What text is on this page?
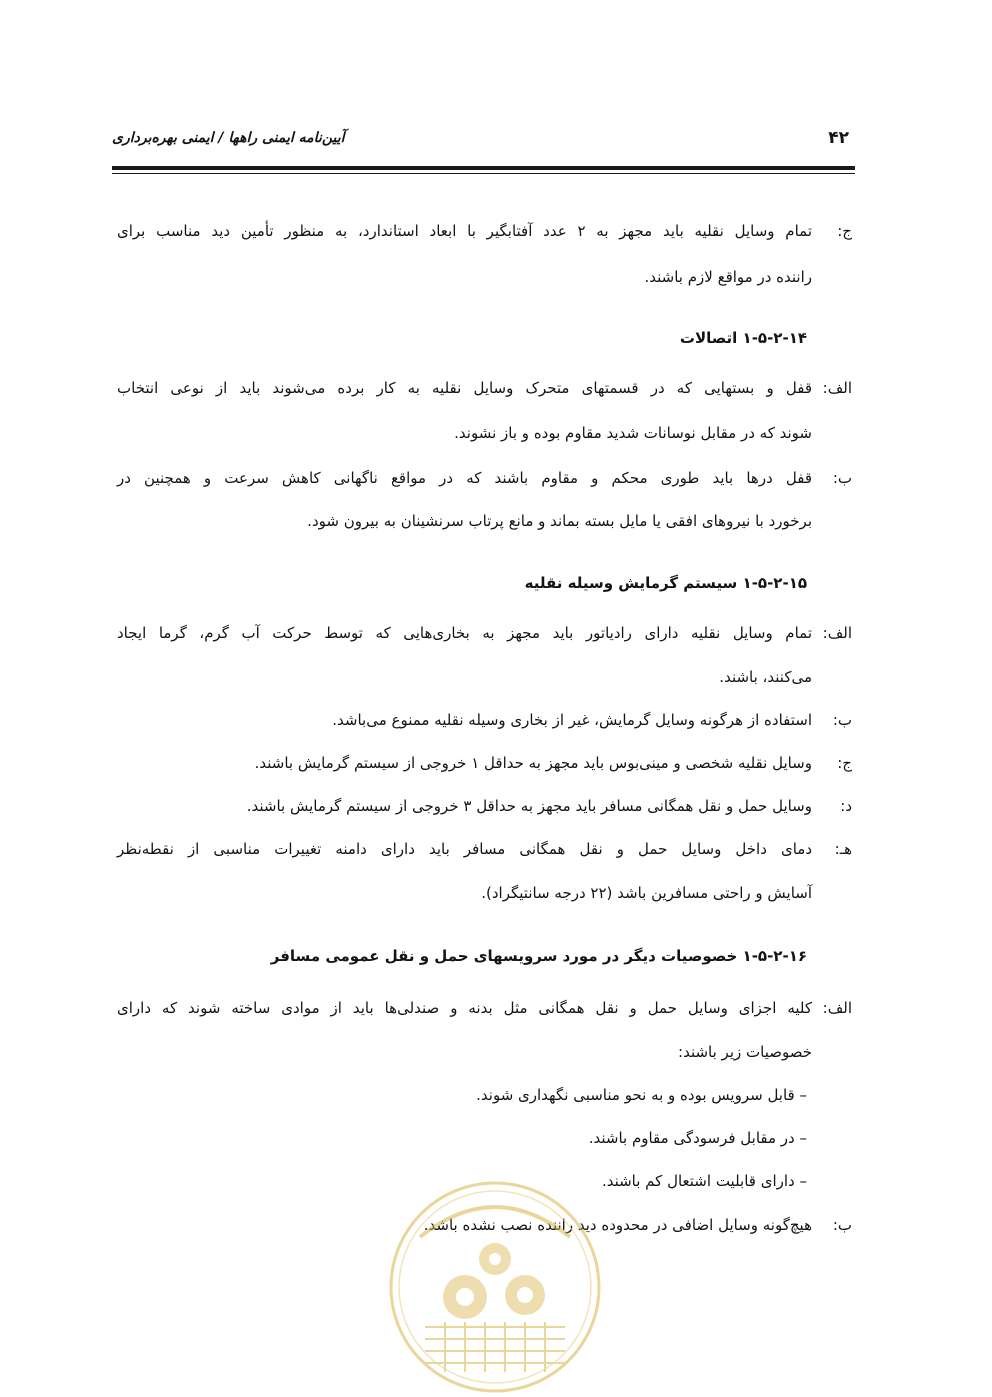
۴۲
آیین‌نامه ایمنی راهها / ایمنی بهره‌برداری
ج:
تمام وسایل نقلیه باید مجهز به ۲ عدد آفتابگیر با ابعاد استاندارد، به منظور تأمین دید مناسب برای
راننده در مواقع لازم باشند.
۱-۵-۲-۱۴ اتصالات
الف:
قفل و بستهایی که در قسمتهای متحرک وسایل نقلیه به کار برده می‌شوند باید از نوعی انتخاب
شوند که در مقابل نوسانات شدید مقاوم بوده و باز نشوند.
ب:
قفل درها باید طوری محکم و مقاوم باشند که در مواقع ناگهانی کاهش سرعت و همچنین در
برخورد با نیروهای افقی یا مایل بسته بماند و مانع پرتاب سرنشینان به بیرون شود.
۱-۵-۲-۱۵ سیستم گرمایش وسیله نقلیه
الف:
تمام وسایل نقلیه دارای رادیاتور باید مجهز به بخاری‌هایی که توسط حرکت آب گرم، گرما ایجاد
می‌کنند، باشند.
ب:
استفاده از هرگونه وسایل گرمایش، غیر از بخاری وسیله نقلیه ممنوع می‌باشد.
ج:
وسایل نقلیه شخصی و مینی‌بوس باید مجهز به حداقل ۱ خروجی از سیستم گرمایش باشند.
د:
وسایل حمل و نقل همگانی مسافر باید مجهز به حداقل ۳ خروجی از سیستم گرمایش باشند.
هـ:
دمای داخل وسایل حمل و نقل همگانی مسافر باید دارای دامنه تغییرات مناسبی از نقطه‌نظر
آسایش و راحتی مسافرین باشد (۲۲ درجه سانتیگراد).
۱-۵-۲-۱۶ خصوصیات دیگر در مورد سرویسهای حمل و نقل عمومی مسافر
الف:
کلیه اجزای وسایل حمل و نقل همگانی مثل بدنه و صندلی‌ها باید از موادی ساخته شوند که دارای
خصوصیات زیر باشند:
– قابل سرویس بوده و به نحو مناسبی نگهداری شوند.
– در مقابل فرسودگی مقاوم باشند.
– دارای قابلیت اشتعال کم باشند.
ب:
هیچ‌گونه وسایل اضافی در محدوده دید راننده نصب نشده باشد.
